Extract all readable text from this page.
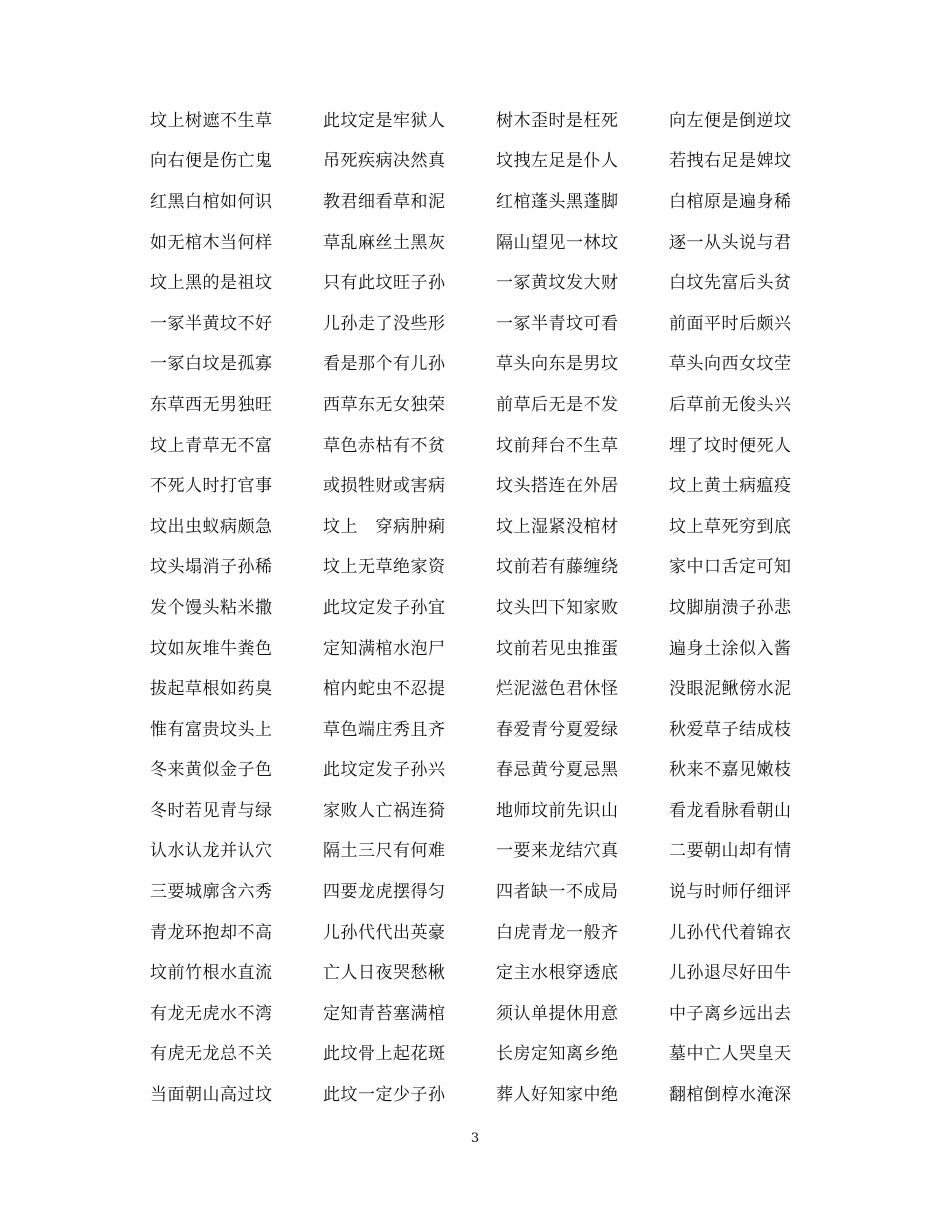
坟上树遮不生草	此坟定是牢狱人	树木歪时是枉死	向左便是倒逆坟
向右便是伤亡鬼	吊死疾病决然真	坟拽左足是仆人	若拽右足是婢坟
红黑白棺如何识	教君细看草和泥	红棺蓬头黑蓬脚	白棺原是遍身稀
如无棺木当何样	草乱麻丝土黑灰	隔山望见一林坟	逐一从头说与君
坟上黑的是祖坟	只有此坟旺子孙	一冢黄坟发大财	白坟先富后头贫
一冢半黄坟不好	儿孙走了没些形	一冢半青坟可看	前面平时后颇兴
一冢白坟是孤寡	看是那个有儿孙	草头向东是男坟	草头向西女坟茔
东草西无男独旺	西草东无女独荣	前草后无是不发	后草前无俊头兴
坟上青草无不富	草色赤枯有不贫	坟前拜台不生草	埋了坟时便死人
不死人时打官事	或损牲财或害病	坟头搭连在外居	坟上黄土病瘟疫
坟出虫蚁病颇急	坟上　穿病肿痢	坟上湿紧没棺材	坟上草死穷到底
坟头塌消子孙稀	坟上无草绝家资	坟前若有藤缠绕	家中口舌定可知
发个馒头粘米撒	此坟定发子孙宜	坟头凹下知家败	坟脚崩溃子孙悲
坟如灰堆牛粪色	定知满棺水泡尸	坟前若见虫推蛋	遍身土涂似入酱
拔起草根如药臭	棺内蛇虫不忍提	烂泥滋色君休怪	没眼泥鳅傍水泥
惟有富贵坟头上	草色端庄秀且齐	春爱青兮夏爱绿	秋爱草子结成枝
冬来黄似金子色	此坟定发子孙兴	春忌黄兮夏忌黑	秋来不嘉见嫩枝
冬时若见青与绿	家败人亡祸连猗	地师坟前先识山	看龙看脉看朝山
认水认龙并认穴	隔土三尺有何难	一要来龙结穴真	二要朝山却有情
三要城廓含六秀	四要龙虎摆得匀	四者缺一不成局	说与时师仔细评
青龙环抱却不高	儿孙代代出英豪	白虎青龙一般齐	儿孙代代着锦衣
坟前竹根水直流	亡人日夜哭愁楸	定主水根穿透底	儿孙退尽好田牛
有龙无虎水不湾	定知青苔塞满棺	须认单提休用意	中子离乡远出去
有虎无龙总不关	此坟骨上起花斑	长房定知离乡绝	墓中亡人哭皇天
当面朝山高过坟	此坟一定少子孙	葬人好知家中绝	翻棺倒椁水淹深
3
